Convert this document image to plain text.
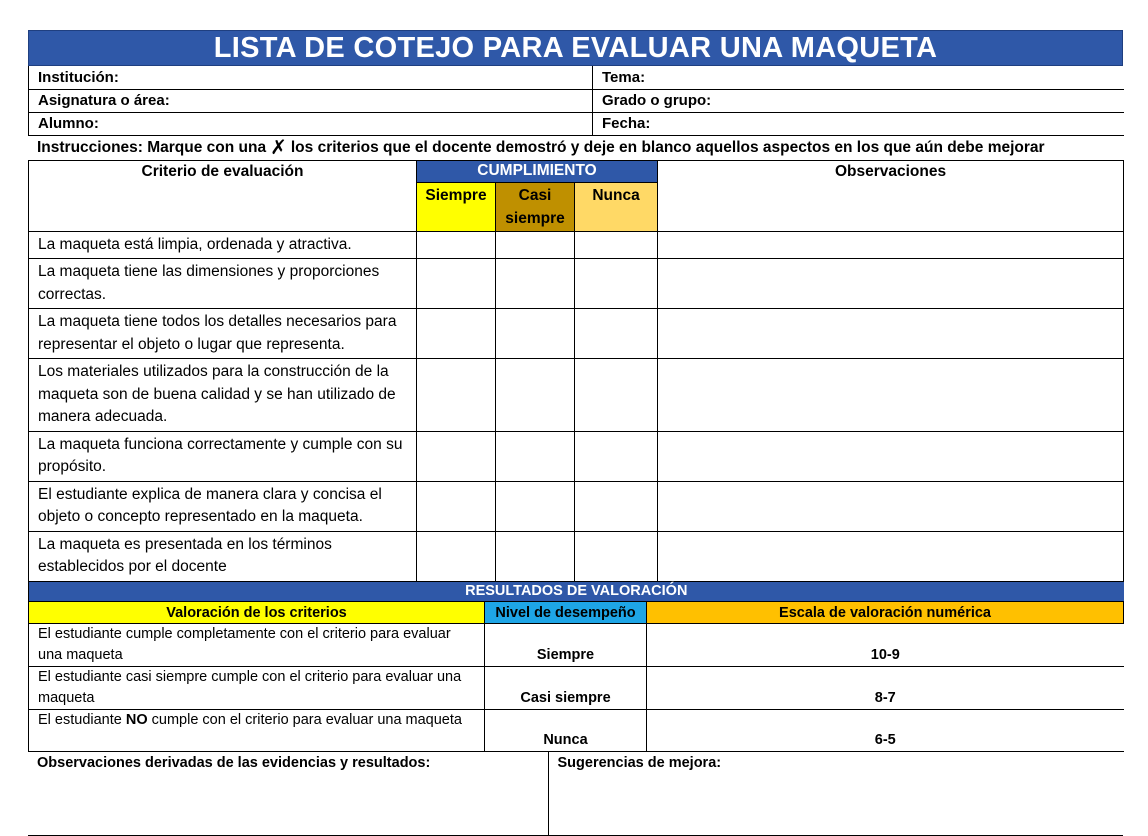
LISTA DE COTEJO PARA EVALUAR UNA MAQUETA
Institución:	Tema:
Asignatura o área:	Grado o grupo:
Alumno:	Fecha:
Instrucciones: Marque con una ✗ los criterios que el docente demostró y deje en blanco aquellos aspectos en los que aún debe mejorar
Criterio de evaluación	CUMPLIMIENTO			Observaciones
	Siempre	Casi siempre	Nunca	
La maqueta está limpia, ordenada y atractiva.				
La maqueta tiene las dimensiones y proporciones correctas.				
La maqueta tiene todos los detalles necesarios para representar el objeto o lugar que representa.				
Los materiales utilizados para la construcción de la maqueta son de buena calidad y se han utilizado de manera adecuada.				
La maqueta funciona correctamente y cumple con su propósito.				
El estudiante explica de manera clara y concisa el objeto o concepto representado en la maqueta.				
La maqueta es presentada en los términos establecidos por el docente				
RESULTADOS DE VALORACIÓN		
Valoración de los criterios	Nivel de desempeño	Escala de valoración numérica
El estudiante cumple completamente con el criterio para evaluar una maqueta	Siempre	10-9
El estudiante casi siempre cumple con el criterio para evaluar una maqueta	Casi siempre	8-7
El estudiante NO cumple con el criterio para evaluar una maqueta	Nunca	6-5
Observaciones derivadas de las evidencias y resultados:	Sugerencias de mejora:
